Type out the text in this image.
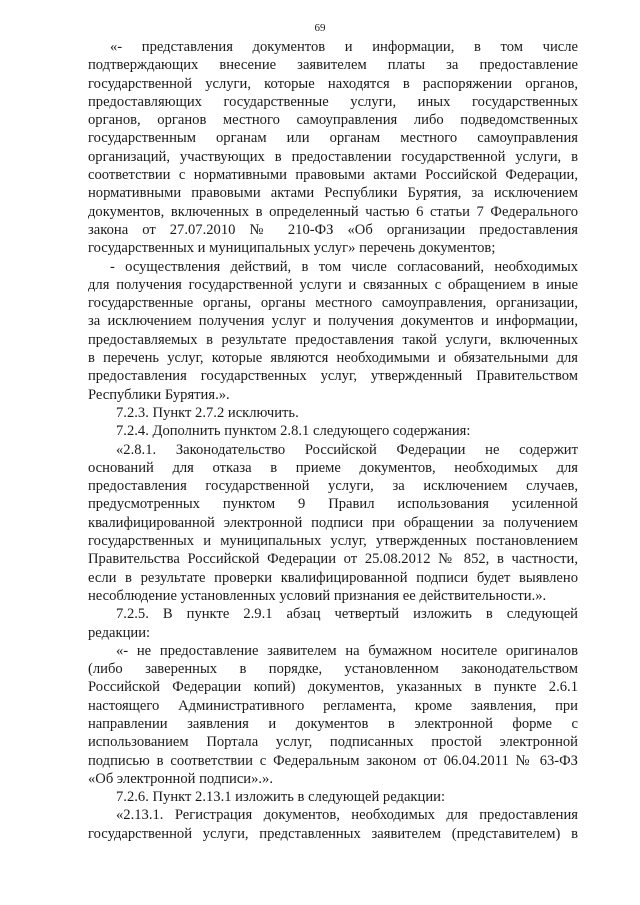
69
«- представления документов и информации, в том числе
подтверждающих внесение заявителем платы за предоставление
государственной услуги, которые находятся в распоряжении органов,
предоставляющих государственные услуги, иных государственных
органов, органов местного самоуправления либо подведомственных
государственным органам или органам местного самоуправления
организаций, участвующих в предоставлении государственной услуги, в
соответствии с нормативными правовыми актами Российской Федерации,
нормативными правовыми актами Республики Бурятия, за исключением
документов, включенных в определенный частью 6 статьи 7 Федерального
закона от 27.07.2010 № 210-ФЗ «Об организации предоставления
государственных и муниципальных услуг» перечень документов;
- осуществления действий, в том числе согласований, необходимых
для получения государственной услуги и связанных с обращением в иные
государственные органы, органы местного самоуправления, организации,
за исключением получения услуг и получения документов и информации,
предоставляемых в результате предоставления такой услуги, включенных
в перечень услуг, которые являются необходимыми и обязательными для
предоставления государственных услуг, утвержденный Правительством
Республики Бурятия.».
7.2.3. Пункт 2.7.2 исключить.
7.2.4. Дополнить пунктом 2.8.1 следующего содержания:
«2.8.1. Законодательство Российской Федерации не содержит
оснований для отказа в приеме документов, необходимых для
предоставления государственной услуги, за исключением случаев,
предусмотренных пунктом 9 Правил использования усиленной
квалифицированной электронной подписи при обращении за получением
государственных и муниципальных услуг, утвержденных постановлением
Правительства Российской Федерации от 25.08.2012 № 852, в частности,
если в результате проверки квалифицированной подписи будет выявлено
несоблюдение установленных условий признания ее действительности.».
7.2.5. В пункте 2.9.1 абзац четвертый изложить в следующей
редакции:
«- не предоставление заявителем на бумажном носителе оригиналов
(либо заверенных в порядке, установленном законодательством
Российской Федерации копий) документов, указанных в пункте 2.6.1
настоящего Административного регламента, кроме заявления, при
направлении заявления и документов в электронной форме с
использованием Портала услуг, подписанных простой электронной
подписью в соответствии с Федеральным законом от 06.04.2011 № 63-ФЗ
«Об электронной подписи».».
7.2.6. Пункт 2.13.1 изложить в следующей редакции:
«2.13.1. Регистрация документов, необходимых для предоставления
государственной услуги, представленных заявителем (представителем) в
